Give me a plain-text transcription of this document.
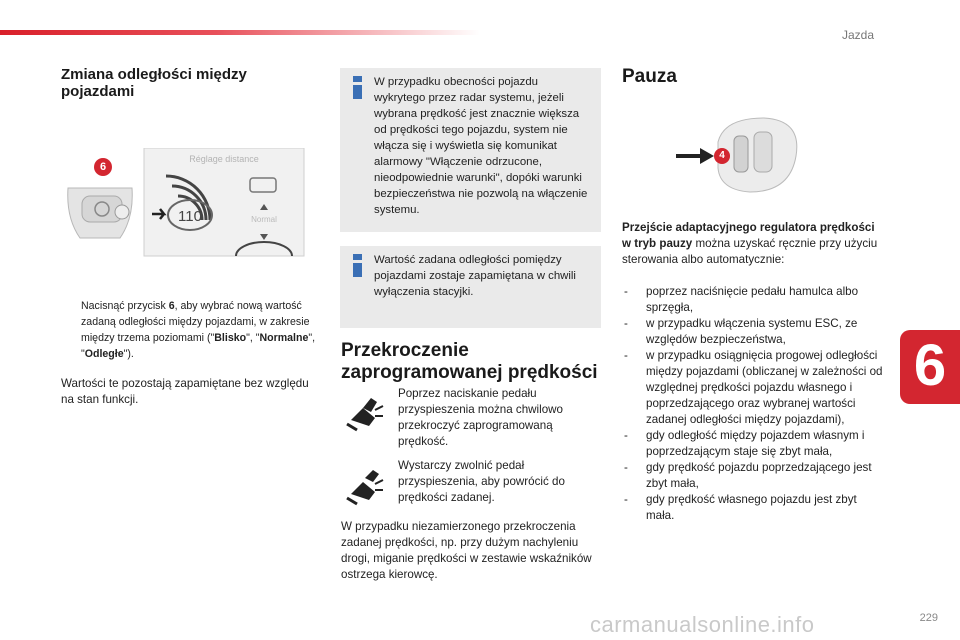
Jazda
Zmiana odległości między pojazdami
Réglage distance
110	Normal
6
Nacisnąć przycisk 6, aby wybrać nową wartość zadaną odległości między pojazdami, w zakresie między trzema poziomami ("Blisko", "Normalne", "Odległe").
Wartości te pozostają zapamiętane bez względu na stan funkcji.
W przypadku obecności pojazdu wykrytego przez radar systemu, jeżeli wybrana prędkość jest znacznie większa od prędkości tego pojazdu, system nie włącza się i wyświetla się komunikat alarmowy "Włączenie odrzucone, nieodpowiednie warunki", dopóki warunki bezpieczeństwa nie pozwolą na włączenie systemu.
Wartość zadana odległości pomiędzy pojazdami zostaje zapamiętana w chwili wyłączenia stacyjki.
Przekroczenie zaprogramowanej prędkości
Poprzez naciskanie pedału przyspieszenia można chwilowo przekroczyć zaprogramowaną prędkość.
Wystarczy zwolnić pedał przyspieszenia, aby powrócić do prędkości zadanej.
W przypadku niezamierzonego przekroczenia zadanej prędkości, np. przy dużym nachyleniu drogi, miganie prędkości w zestawie wskaźników ostrzega kierowcę.
Pauza
4
Przejście adaptacyjnego regulatora prędkości w tryb pauzy można uzyskać ręcznie przy użyciu sterowania albo automatycznie:
- poprzez naciśnięcie pedału hamulca albo sprzęgła,
- w przypadku włączenia systemu ESC, ze względów bezpieczeństwa,
- w przypadku osiągnięcia progowej odległości między pojazdami (obliczanej w zależności od względnej prędkości pojazdu własnego i poprzedzającego oraz wybranej wartości zadanej odległości między pojazdami),
- gdy odległość między pojazdem własnym i poprzedzającym staje się zbyt mała,
- gdy prędkość pojazdu poprzedzającego jest zbyt mała,
- gdy prędkość własnego pojazdu jest zbyt mała.
6
carmanualsonline.info	229
